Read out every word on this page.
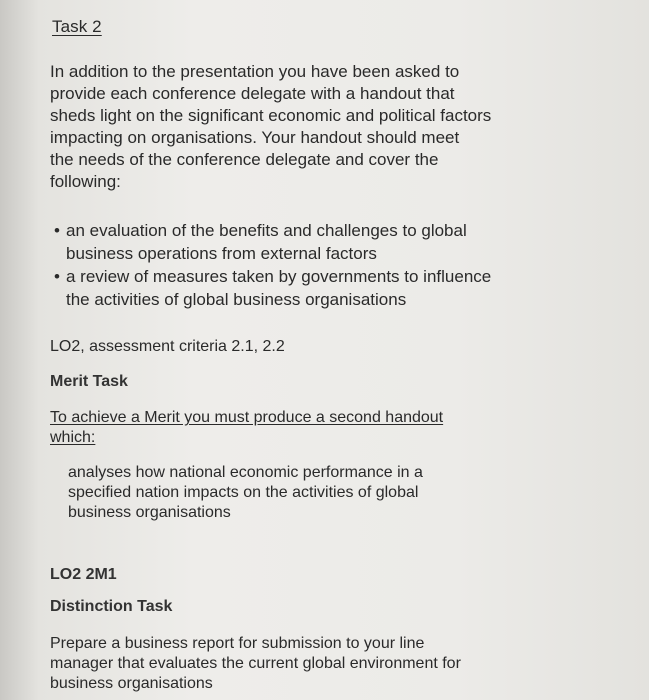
Task 2
In addition to the presentation you have been asked to
provide each conference delegate with a handout that
sheds light on the significant economic and political factors
impacting on organisations. Your handout should meet
the needs of the conference delegate and cover the
following:
• an evaluation of the benefits and challenges to global
business operations from external factors
• a review of measures taken by governments to influence
the activities of global business organisations
LO2, assessment criteria 2.1, 2.2
Merit Task
To achieve a Merit you must produce a second handout
which:
analyses how national economic performance in a
specified nation impacts on the activities of global
business organisations
LO2 2M1
Distinction Task
Prepare a business report for submission to your line
manager that evaluates the current global environment for
business organisations
